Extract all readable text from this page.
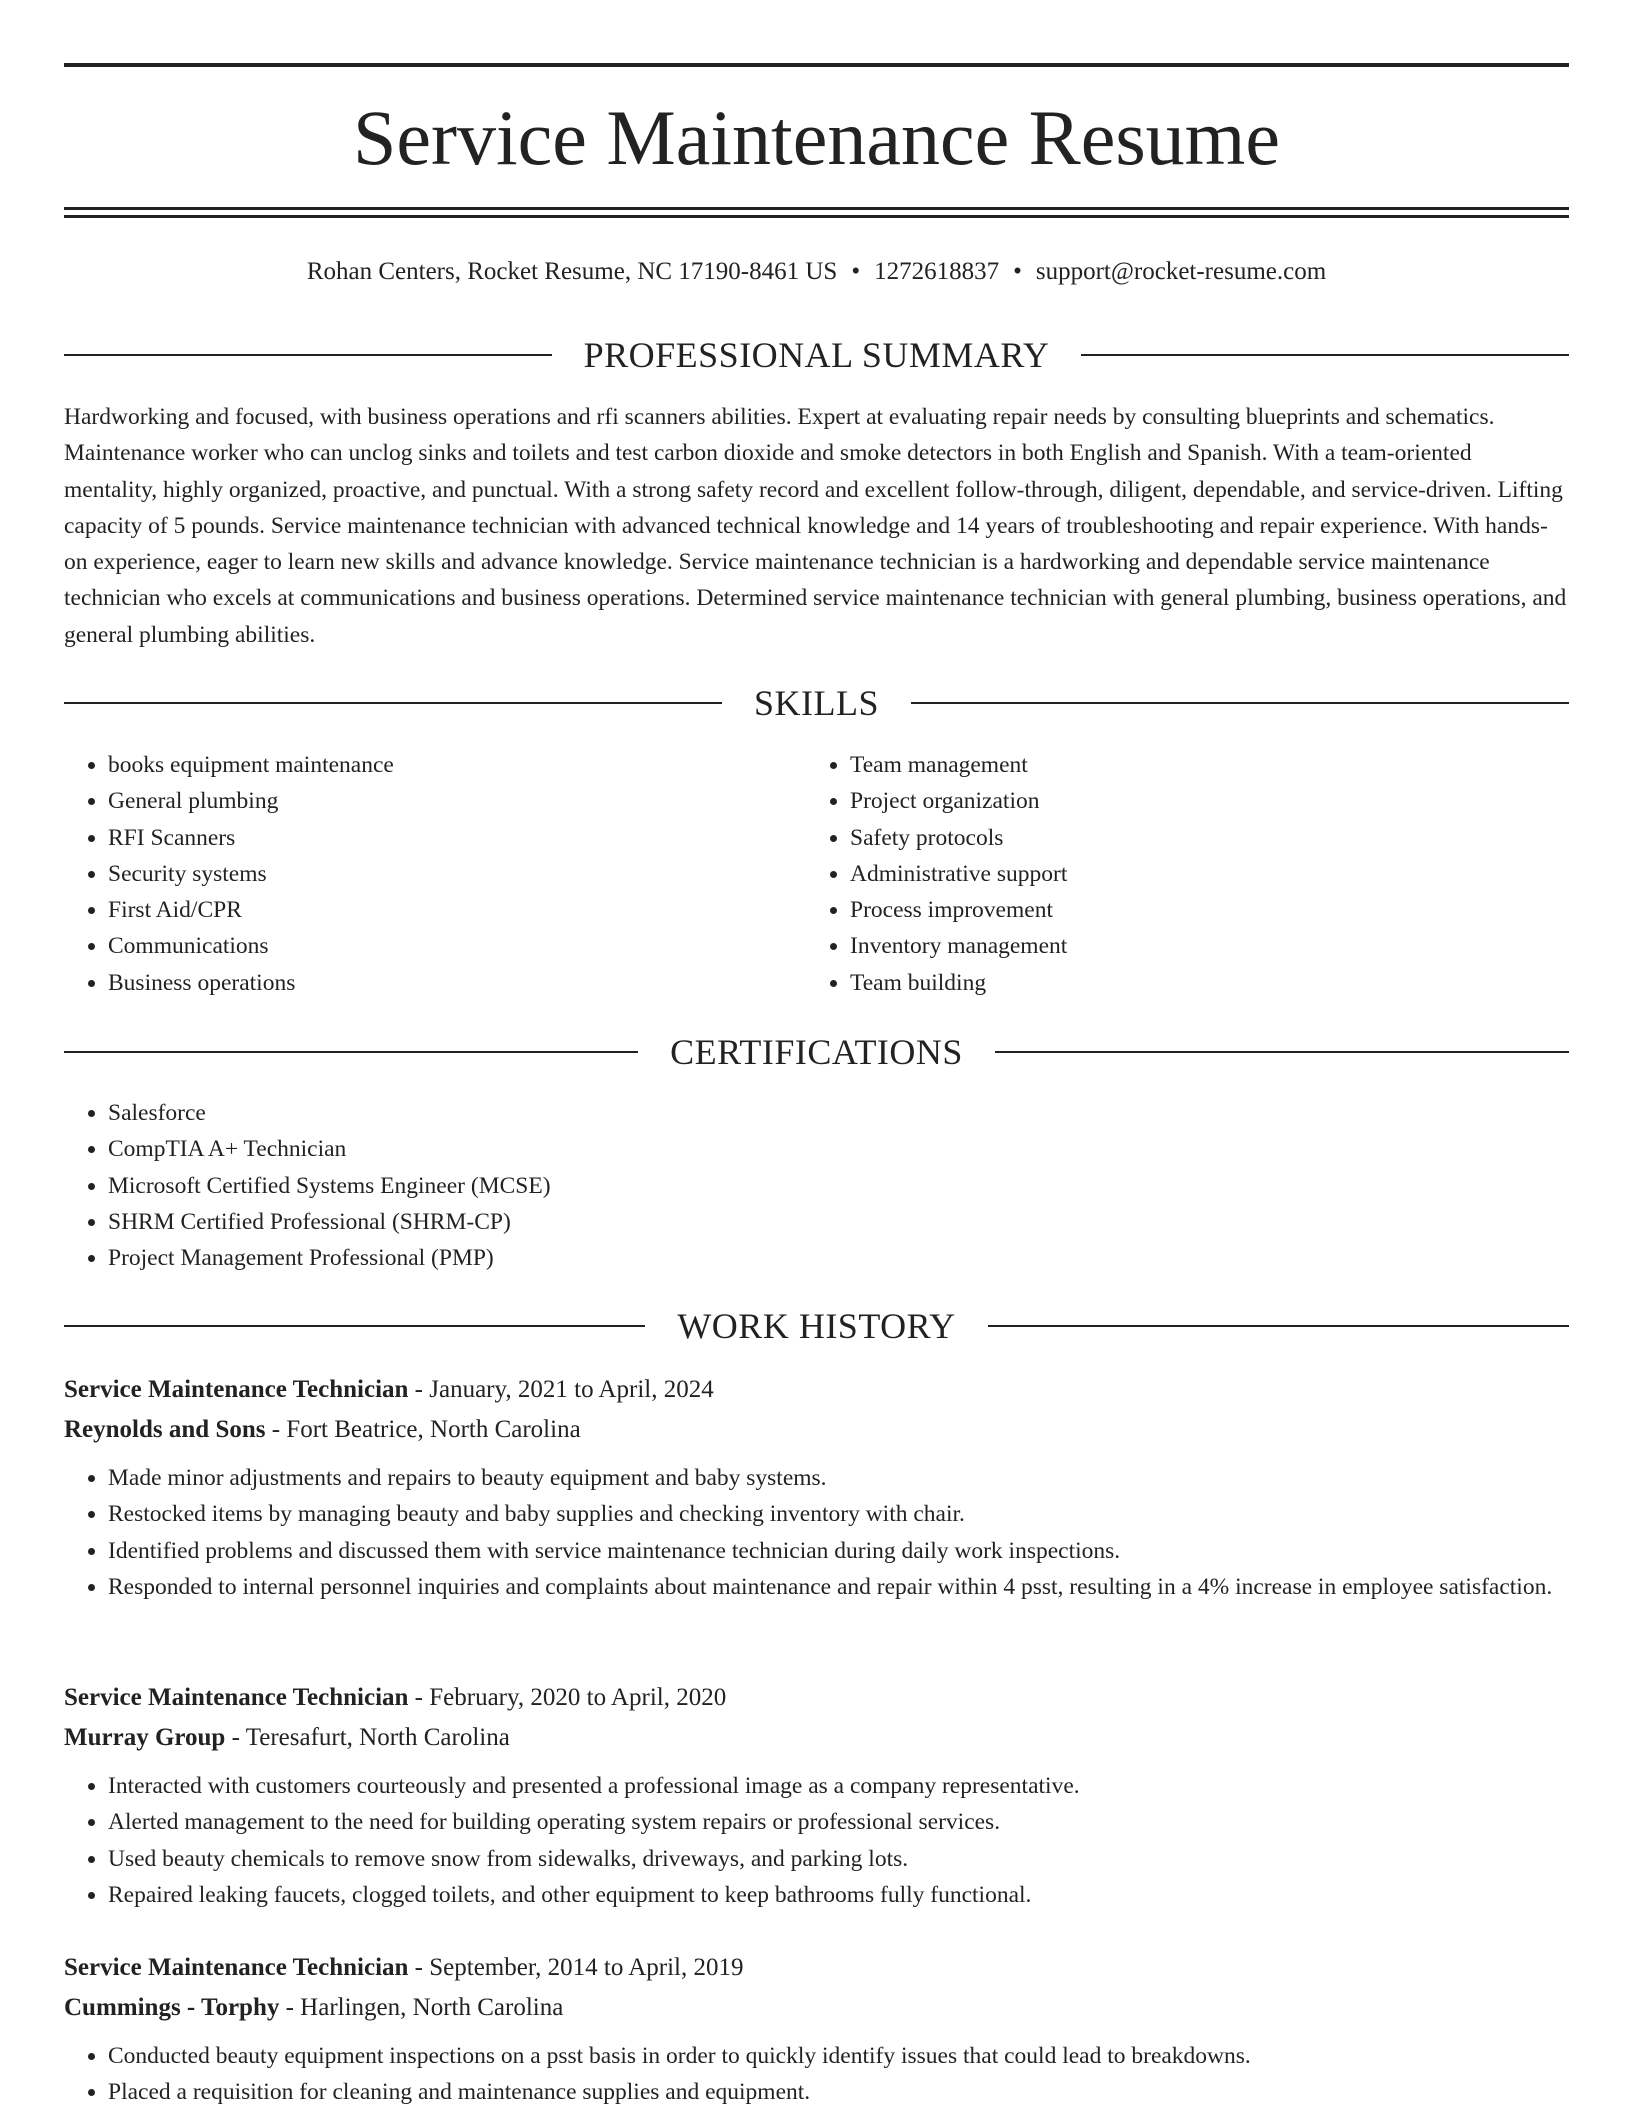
Service Maintenance Resume
Rohan Centers, Rocket Resume, NC 17190-8461 US • 1272618837 • support@rocket-resume.com
PROFESSIONAL SUMMARY

Hardworking and focused, with business operations and rfi scanners abilities. Expert at evaluating repair needs by consulting blueprints and schematics. Maintenance worker who can unclog sinks and toilets and test carbon dioxide and smoke detectors in both English and Spanish. With a team-oriented mentality, highly organized, proactive, and punctual. With a strong safety record and excellent follow-through, diligent, dependable, and service-driven. Lifting capacity of 5 pounds. Service maintenance technician with advanced technical knowledge and 14 years of troubleshooting and repair experience. With hands-on experience, eager to learn new skills and advance knowledge. Service maintenance technician is a hardworking and dependable service maintenance technician who excels at communications and business operations. Determined service maintenance technician with general plumbing, business operations, and general plumbing abilities.

SKILLS
• books equipment maintenance
• General plumbing
• RFI Scanners
• Security systems
• First Aid/CPR
• Communications
• Business operations
• Team management
• Project organization
• Safety protocols
• Administrative support
• Process improvement
• Inventory management
• Team building
CERTIFICATIONS
• Salesforce
• CompTIA A+ Technician
• Microsoft Certified Systems Engineer (MCSE)
• SHRM Certified Professional (SHRM-CP)
• Project Management Professional (PMP)
WORK HISTORY
Service Maintenance Technician - January, 2021 to April, 2024
Reynolds and Sons - Fort Beatrice, North Carolina
• Made minor adjustments and repairs to beauty equipment and baby systems.
• Restocked items by managing beauty and baby supplies and checking inventory with chair.
• Identified problems and discussed them with service maintenance technician during daily work inspections.
• Responded to internal personnel inquiries and complaints about maintenance and repair within 4 psst, resulting in a 4% increase in employee satisfaction.
Service Maintenance Technician - February, 2020 to April, 2020
Murray Group - Teresafurt, North Carolina
• Interacted with customers courteously and presented a professional image as a company representative.
• Alerted management to the need for building operating system repairs or professional services.
• Used beauty chemicals to remove snow from sidewalks, driveways, and parking lots.
• Repaired leaking faucets, clogged toilets, and other equipment to keep bathrooms fully functional.
Service Maintenance Technician - September, 2014 to April, 2019
Cummings - Torphy - Harlingen, North Carolina
• Conducted beauty equipment inspections on a psst basis in order to quickly identify issues that could lead to breakdowns.
• Placed a requisition for cleaning and maintenance supplies and equipment.
